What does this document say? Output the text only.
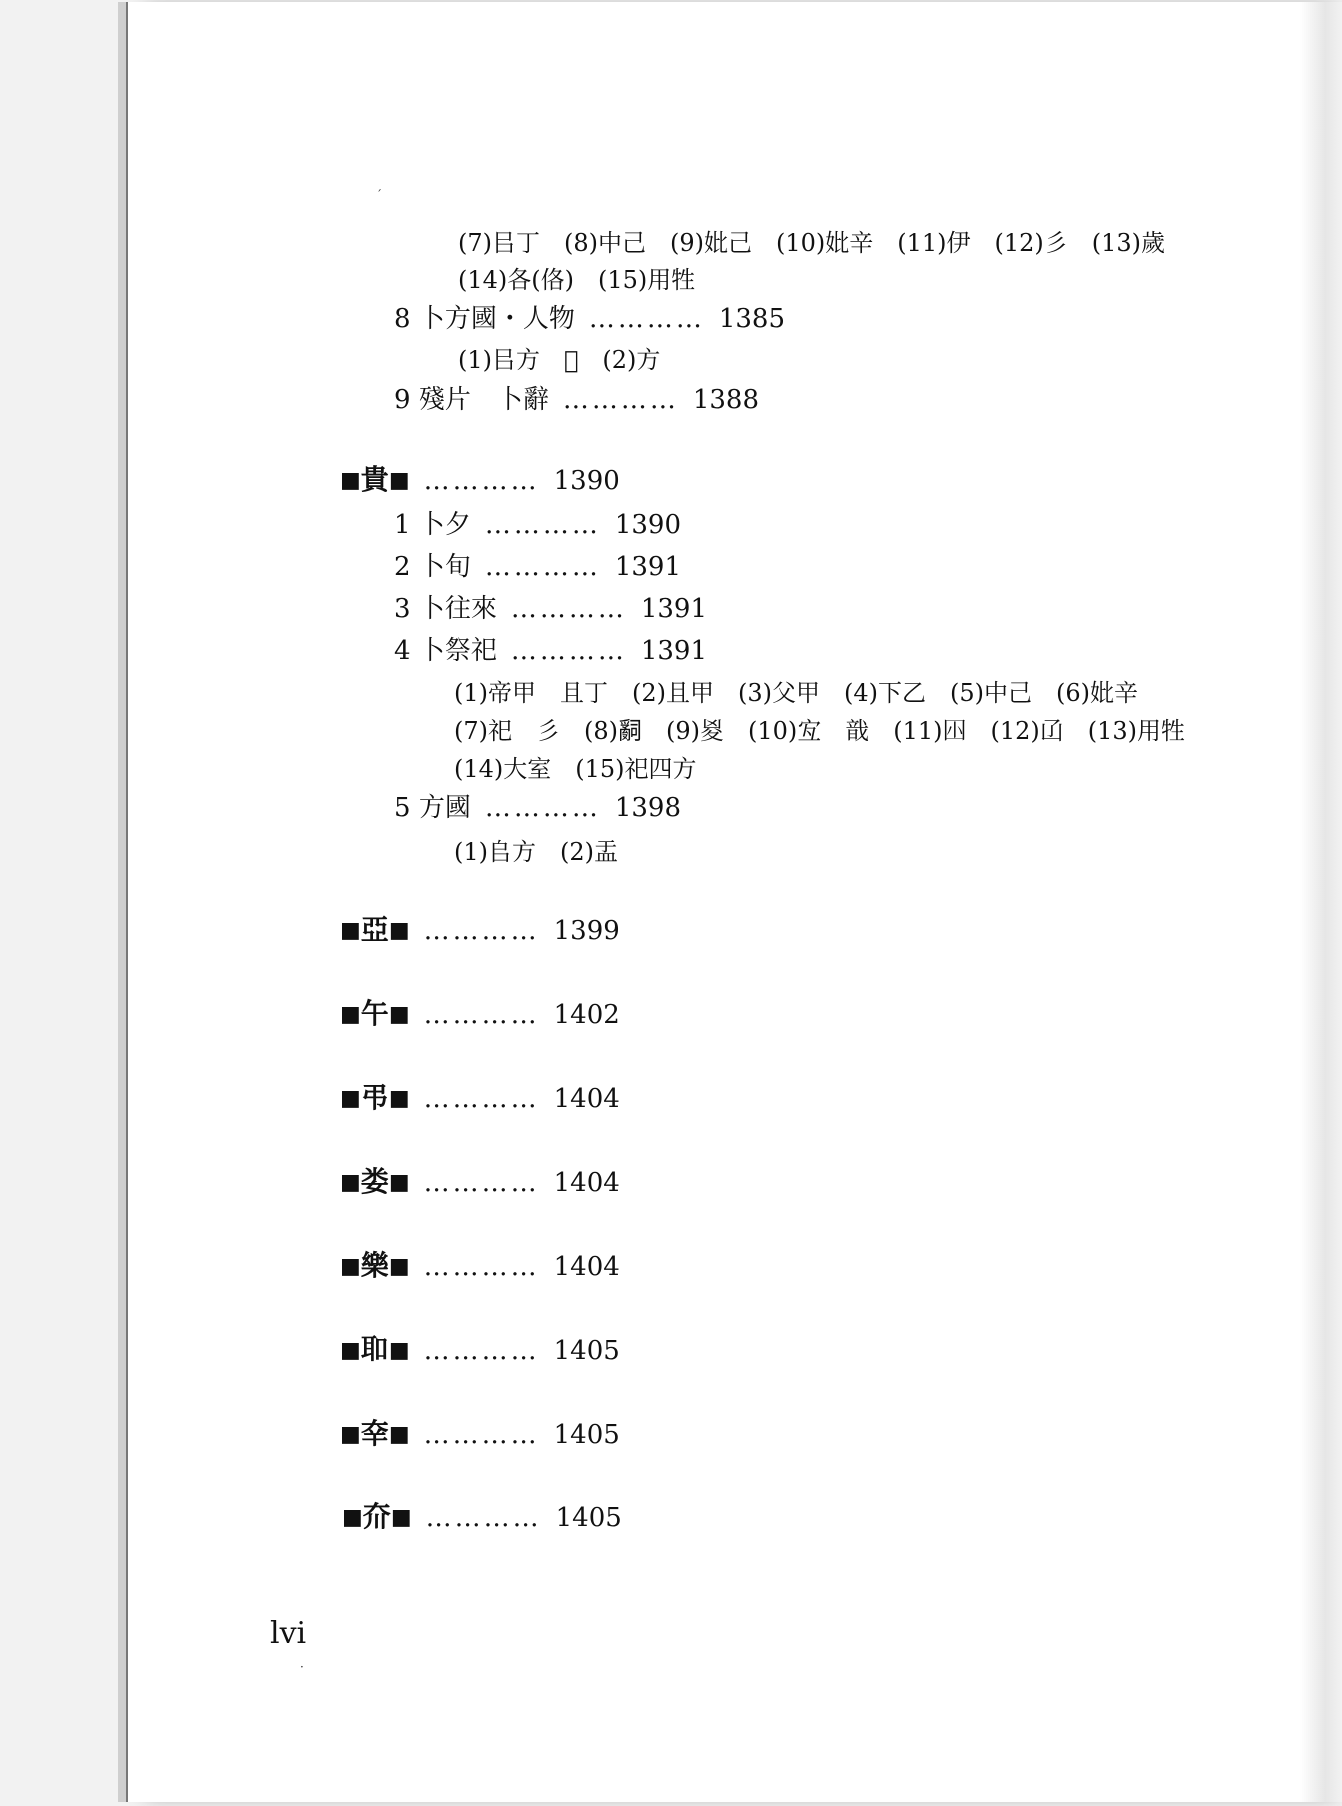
(7)㠯丁　(8)中己　(9)妣己　(10)妣辛　(11)伊　(12)彡　(13)歲
(14)各(佫)　(15)用牲
8 卜方國・人物 ………… 1385
(1)㠯方　𡧊　(2)方
9 殘片　卜辭 ………… 1388
■貴■ ………… 1390
1 卜夕 ………… 1390
2 卜旬 ………… 1391
3 卜往來 ………… 1391
4 卜祭祀 ………… 1391
(1)帝甲　且丁　(2)且甲　(3)父甲　(4)下乙　(5)中己　(6)妣辛
(7)祀　彡　(8)𤔲　(9)㚇　(10)宐　戠　(11)𡆧　(12)𠙶　(13)用牲
(14)大室　(15)祀四方
5 方國 ………… 1398
(1)𠂤方　(2)盂
■亞■ ………… 1399
■午■ ………… 1402
■弔■ ………… 1404
■娄■ ………… 1404
■樂■ ………… 1404
■𦔻■ ………… 1405
■㚔■ ………… 1405
■夼■ ………… 1405
lvi
´
·
